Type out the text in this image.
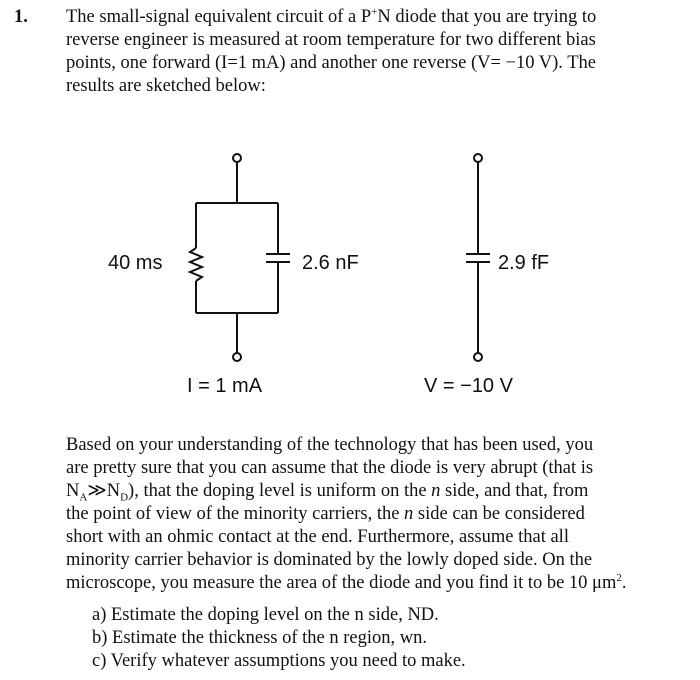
1. The small-signal equivalent circuit of a P+N diode that you are trying to
reverse engineer is measured at room temperature for two different bias
points, one forward (I=1 mA) and another one reverse (V= −10 V). The
results are sketched below:
40 ms	2.6 nF	2.9 fF
I = 1 mA	V = −10 V
Based on your understanding of the technology that has been used, you
are pretty sure that you can assume that the diode is very abrupt (that is
$N_A≫N_D$), that the doping level is uniform on the n side, and that, from
the point of view of the minority carriers, the n side can be considered
short with an ohmic contact at the end. Furthermore, assume that all
minority carrier behavior is dominated by the lowly doped side. On the
microscope, you measure the area of the diode and you find it to be 10 $\mu m^2$.
a) Estimate the doping level on the n side, ND.
b) Estimate the thickness of the n region, wn.
c) Verify whatever assumptions you need to make.
